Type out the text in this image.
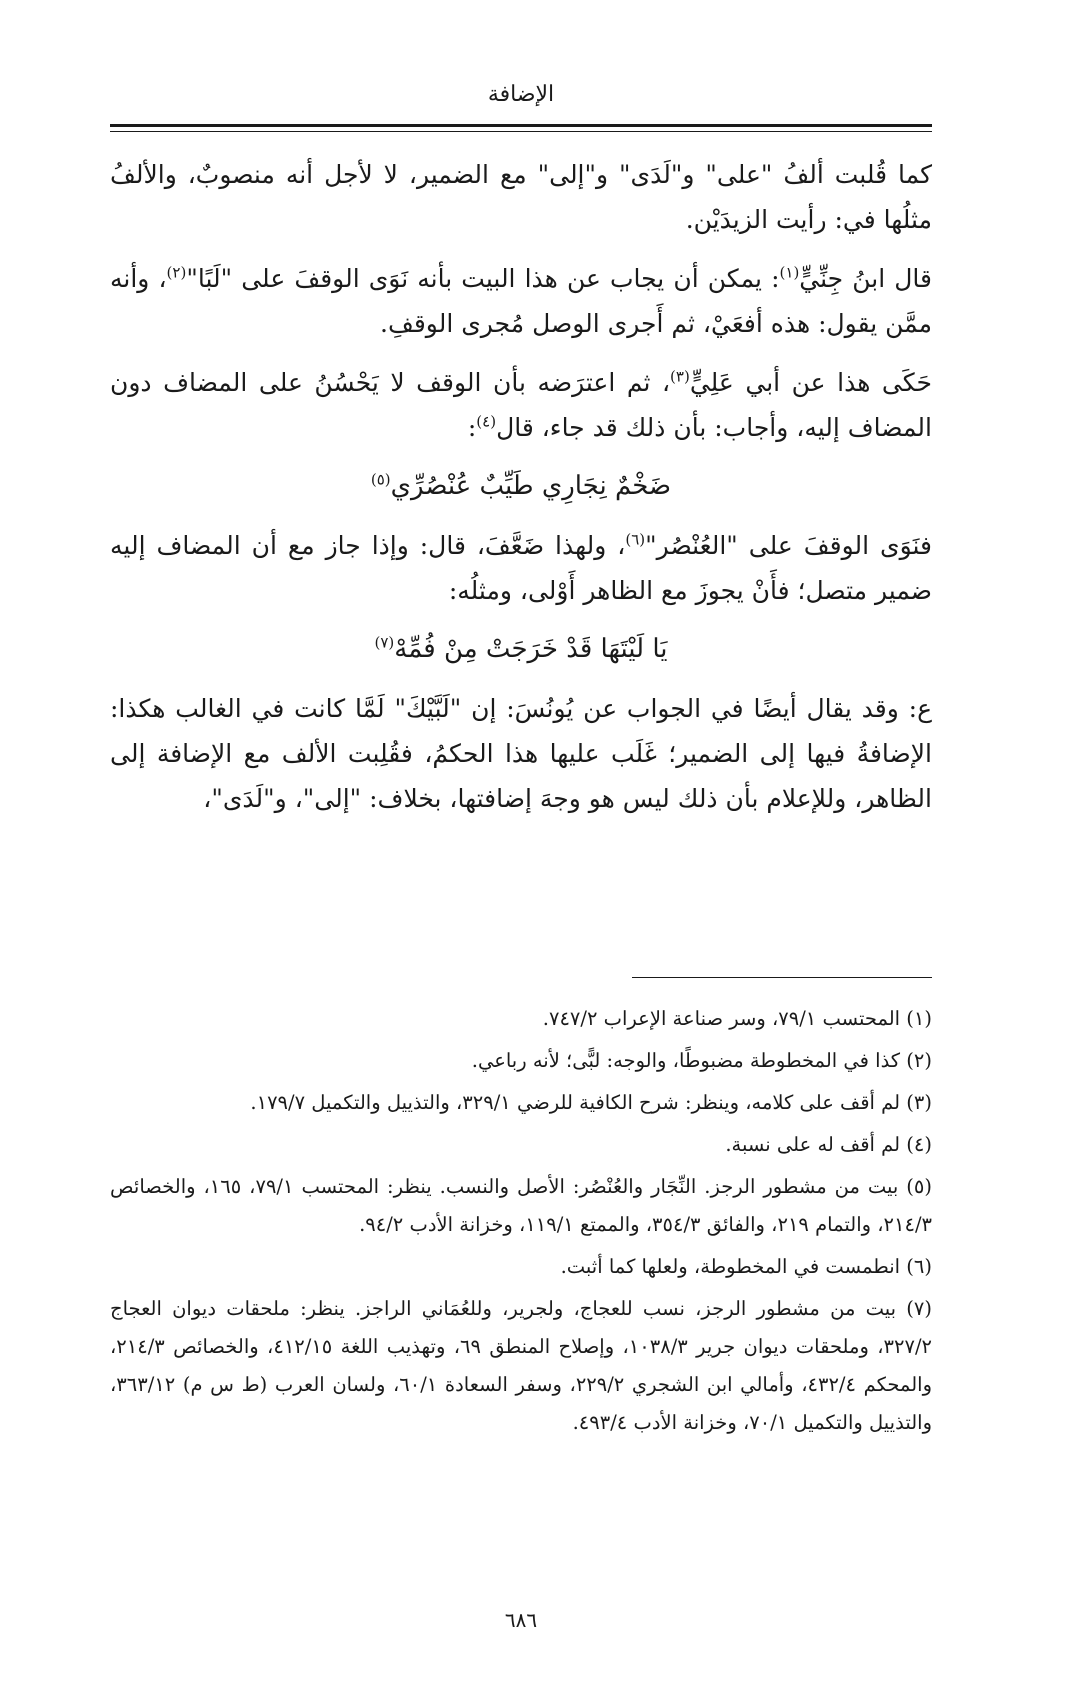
الإضافة

كما قُلبت ألفُ "على" و"لَدَى" و"إلى" مع الضمير، لا لأجل أنه منصوبٌ، والألفُ مثلُها في: رأيت الزيدَيْن.

قال ابنُ جِنِّيٍّ$^{(١)}$: يمكن أن يجاب عن هذا البيت بأنه نَوَى الوقفَ على "لَبًا"$^{(٢)}$، وأنه ممَّن يقول: هذه أفعَيْ، ثم أَجرى الوصل مُجرى الوقفِ.

حَكَى هذا عن أبي عَلِيٍّ$^{(٣)}$، ثم اعترَضه بأن الوقف لا يَحْسُنُ على المضاف دون المضاف إليه، وأجاب: بأن ذلك قد جاء، قال$^{(٤)}$:

ضَخْمٌ نِجَارِي طَيِّبٌ عُنْصُرِّي$^{(٥)}$

فنَوَى الوقفَ على "العُنْصُر"$^{(٦)}$، ولهذا ضَعَّفَ، قال: وإذا جاز مع أن المضاف إليه ضمير متصل؛ فأَنْ يجوزَ مع الظاهر أَوْلى، ومثلُه:

يَا لَيْتَهَا قَدْ خَرَجَتْ مِنْ فُمِّهْ$^{(٧)}$

ع: وقد يقال أيضًا في الجواب عن يُونُسَ: إن "لَبَّيْكَ" لَمَّا كانت في الغالب هكذا: الإضافةُ فيها إلى الضمير؛ غَلَب عليها هذا الحكمُ، فقُلِبت الألف مع الإضافة إلى الظاهر، وللإعلام بأن ذلك ليس هو وجهَ إضافتها، بخلاف: "إلى"، و"لَدَى"،

(١) المحتسب ٧٩/١، وسر صناعة الإعراب ٧٤٧/٢.

(٢) كذا في المخطوطة مضبوطًا، والوجه: لبًّى؛ لأنه رباعي.

(٣) لم أقف على كلامه، وينظر: شرح الكافية للرضي ٣٢٩/١، والتذييل والتكميل ١٧٩/٧.

(٤) لم أقف له على نسبة.

(٥) بيت من مشطور الرجز. النِّجَار والعُنْصُر: الأصل والنسب. ينظر: المحتسب ٧٩/١، ١٦٥، والخصائص ٢١٤/٣، والتمام ٢١٩، والفائق ٣٥٤/٣، والممتع ١١٩/١، وخزانة الأدب ٩٤/٢.

(٦) انطمست في المخطوطة، ولعلها كما أثبت.

(٧) بيت من مشطور الرجز، نسب للعجاج، ولجرير، وللعُمَاني الراجز. ينظر: ملحقات ديوان العجاج ٣٢٧/٢، وملحقات ديوان جرير ١٠٣٨/٣، وإصلاح المنطق ٦٩، وتهذيب اللغة ٤١٢/١٥، والخصائص ٢١٤/٣، والمحكم ٤٣٢/٤، وأمالي ابن الشجري ٢٢٩/٢، وسفر السعادة ٦٠/١، ولسان العرب (ط س م) ٣٦٣/١٢، والتذييل والتكميل ٧٠/١، وخزانة الأدب ٤٩٣/٤.

٦٨٦
